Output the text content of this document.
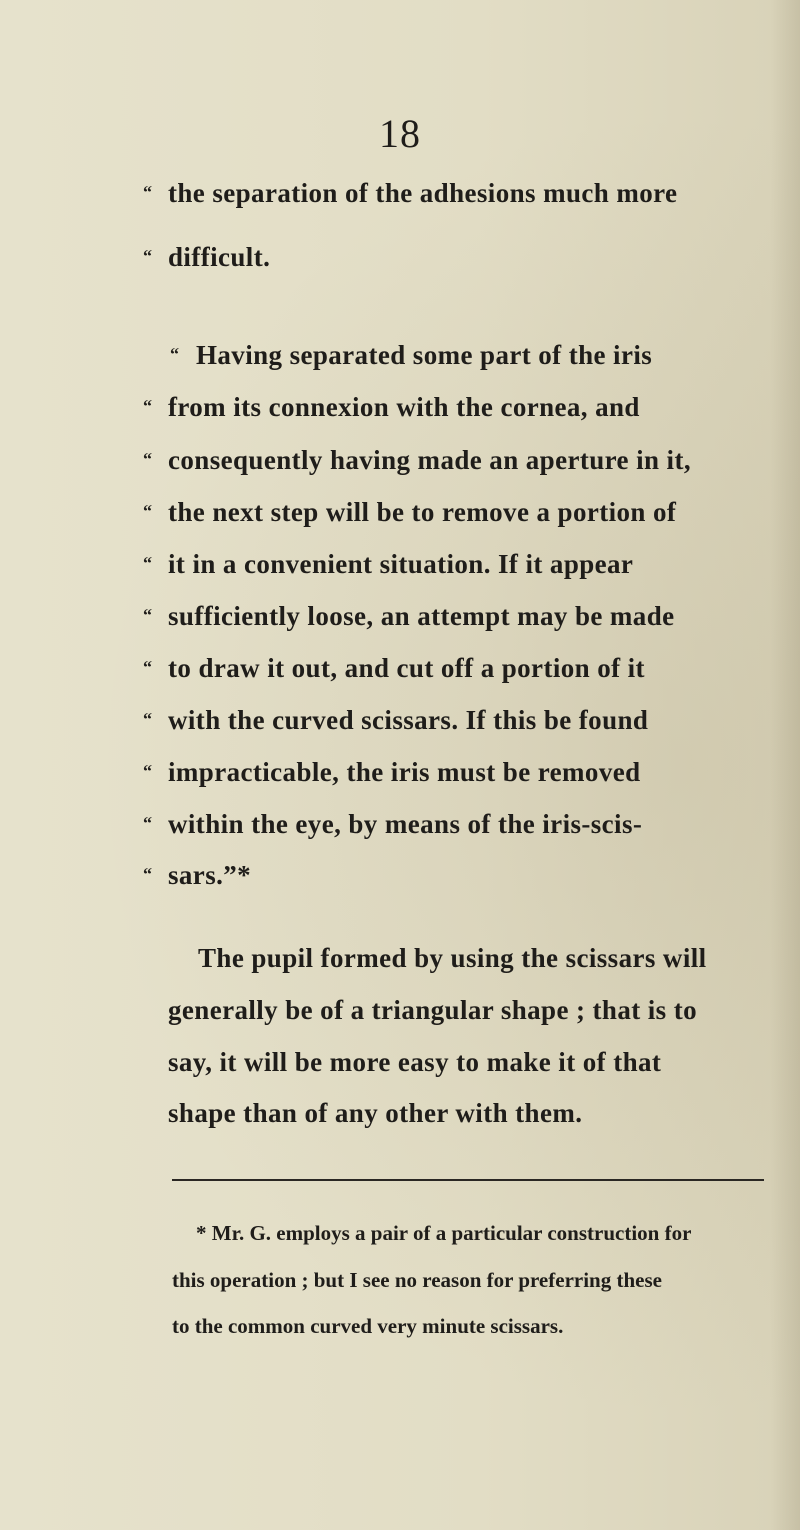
18
“ the separation of the adhesions much more
“ difficult.
“ Having separated some part of the iris
“ from its connexion with the cornea, and
“ consequently having made an aperture in it,
“ the next step will be to remove a portion of
“ it in a convenient situation. If it appear
“ sufficiently loose, an attempt may be made
“ to draw it out, and cut off a portion of it
“ with the curved scissars. If this be found
“ impracticable, the iris must be removed
“ within the eye, by means of the iris-scis-
“ sars.”*
The pupil formed by using the scissars will
generally be of a triangular shape ; that is to
say, it will be more easy to make it of that
shape than of any other with them.
* Mr. G. employs a pair of a particular construction for
this operation ; but I see no reason for preferring these
to the common curved very minute scissars.
